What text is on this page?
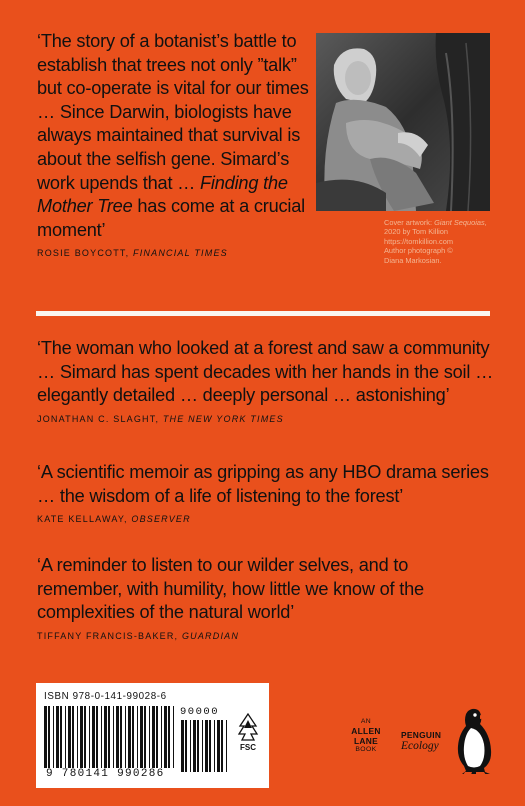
‘The story of a botanist’s battle to establish that trees not only ”talk” but co-operate is vital for our times … Since Darwin, biologists have always maintained that survival is about the selfish gene. Simard’s work upends that … Finding the Mother Tree has come at a crucial moment’

ROSIE BOYCOTT, FINANCIAL TIMES

Cover artwork: Giant Sequoias, 2020 by Tom Killion
https://tomkillion.com
Author photograph ©
Diana Markosian.

‘The woman who looked at a forest and saw a community … Simard has spent decades with her hands in the soil … elegantly detailed … deeply personal … astonishing’

JONATHAN C. SLAGHT, THE NEW YORK TIMES

‘A scientific memoir as gripping as any HBO drama series … the wisdom of a life of listening to the forest’

KATE KELLAWAY, OBSERVER

‘A reminder to listen to our wilder selves, and to remember, with humility, how little we know of the complexities of the natural world’

TIFFANY FRANCIS-BAKER, GUARDIAN

ISBN 978-0-141-99028-6
9 780141 990286
90000
FSC
AN
ALLEN
LANE
BOOK
PENGUIN
Ecology
